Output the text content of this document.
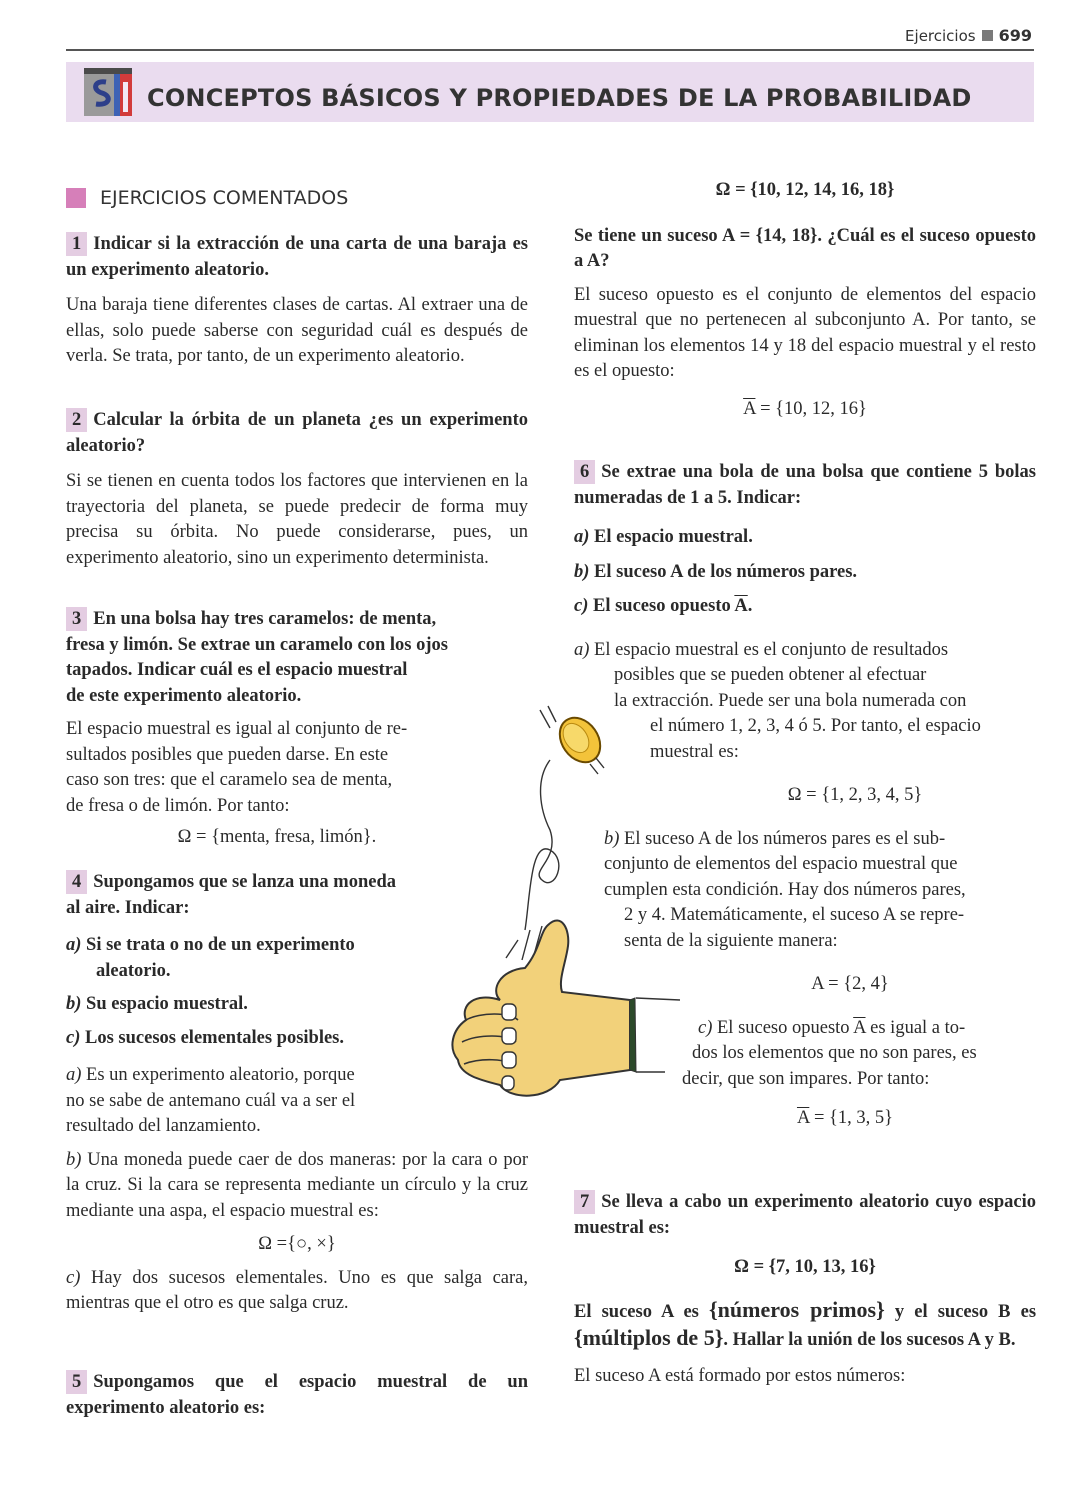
Ejercicios 699
CONCEPTOS BÁSICOS Y PROPIEDADES DE LA PROBABILIDAD
EJERCICIOS COMENTADOS

1 Indicar si la extracción de una carta de una baraja es un experimento aleatorio.

Una baraja tiene diferentes clases de cartas. Al extraer una de ellas, solo puede saberse con seguridad cuál es después de verla. Se trata, por tanto, de un experimento aleatorio.

2 Calcular la órbita de un planeta ¿es un experimento aleatorio?

Si se tienen en cuenta todos los factores que intervienen en la trayectoria del planeta, se puede predecir de forma muy precisa su órbita. No puede considerarse, pues, un experimento aleatorio, sino un experimento determinista.

3 En una bolsa hay tres caramelos: de menta,
fresa y limón. Se extrae un caramelo con los ojos
tapados. Indicar cuál es el espacio muestral
de este experimento aleatorio.

El espacio muestral es igual al conjunto de re-
sultados posibles que pueden darse. En este
caso son tres: que el caramelo sea de menta,
de fresa o de limón. Por tanto:

Ω = {menta, fresa, limón}.

4 Supongamos que se lanza una moneda
al aire. Indicar:

a) Si se trata o no de un experimento
aleatorio.

b) Su espacio muestral.

c) Los sucesos elementales posibles.

a) Es un experimento aleatorio, porque
no se sabe de antemano cuál va a ser el
resultado del lanzamiento.

b) Una moneda puede caer de dos maneras: por la cara o por la cruz. Si la cara se representa mediante un círculo y la cruz mediante una aspa, el espacio muestral es:

Ω ={○, ×}

c) Hay dos sucesos elementales. Uno es que salga cara, mientras que el otro es que salga cruz.

5 Supongamos que el espacio muestral de un experimento aleatorio es:

Ω = {10, 12, 14, 16, 18}

Se tiene un suceso A = {14, 18}. ¿Cuál es el suceso opuesto a A?

El suceso opuesto es el conjunto de elementos del espacio muestral que no pertenecen al subconjunto A. Por tanto, se eliminan los elementos 14 y 18 del espacio muestral y el resto es el opuesto:

$\overline{A} = \{10$, 12, 16}

6 Se extrae una bola de una bolsa que contiene 5 bolas numeradas de 1 a 5. Indicar:

a) El espacio muestral.

b) El suceso A de los números pares.

c) El suceso opuesto $\overline{A}$.

a) El espacio muestral es el conjunto de resultados
posibles que se pueden obtener al efectuar
la extracción. Puede ser una bola numerada con
el número 1, 2, 3, 4 ó 5. Por tanto, el espacio
muestral es:

Ω = {1, 2, 3, 4, 5}

b) El suceso A de los números pares es el sub-
conjunto de elementos del espacio muestral que
cumplen esta condición. Hay dos números pares,
2 y 4. Matemáticamente, el suceso A se repre-
senta de la siguiente manera:

A = {2, 4}

c) El suceso opuesto $\overline{A}$ es igual a to-
dos los elementos que no son pares, es
decir, que son impares. Por tanto:

$\overline{A} = \{1$, 3, 5}

7 Se lleva a cabo un experimento aleatorio cuyo espacio muestral es:

Ω = {7, 10, 13, 16}

El suceso A es {números primos} y el suceso B es {múltiplos de 5}. Hallar la unión de los sucesos A y B.

El suceso A está formado por estos números:
